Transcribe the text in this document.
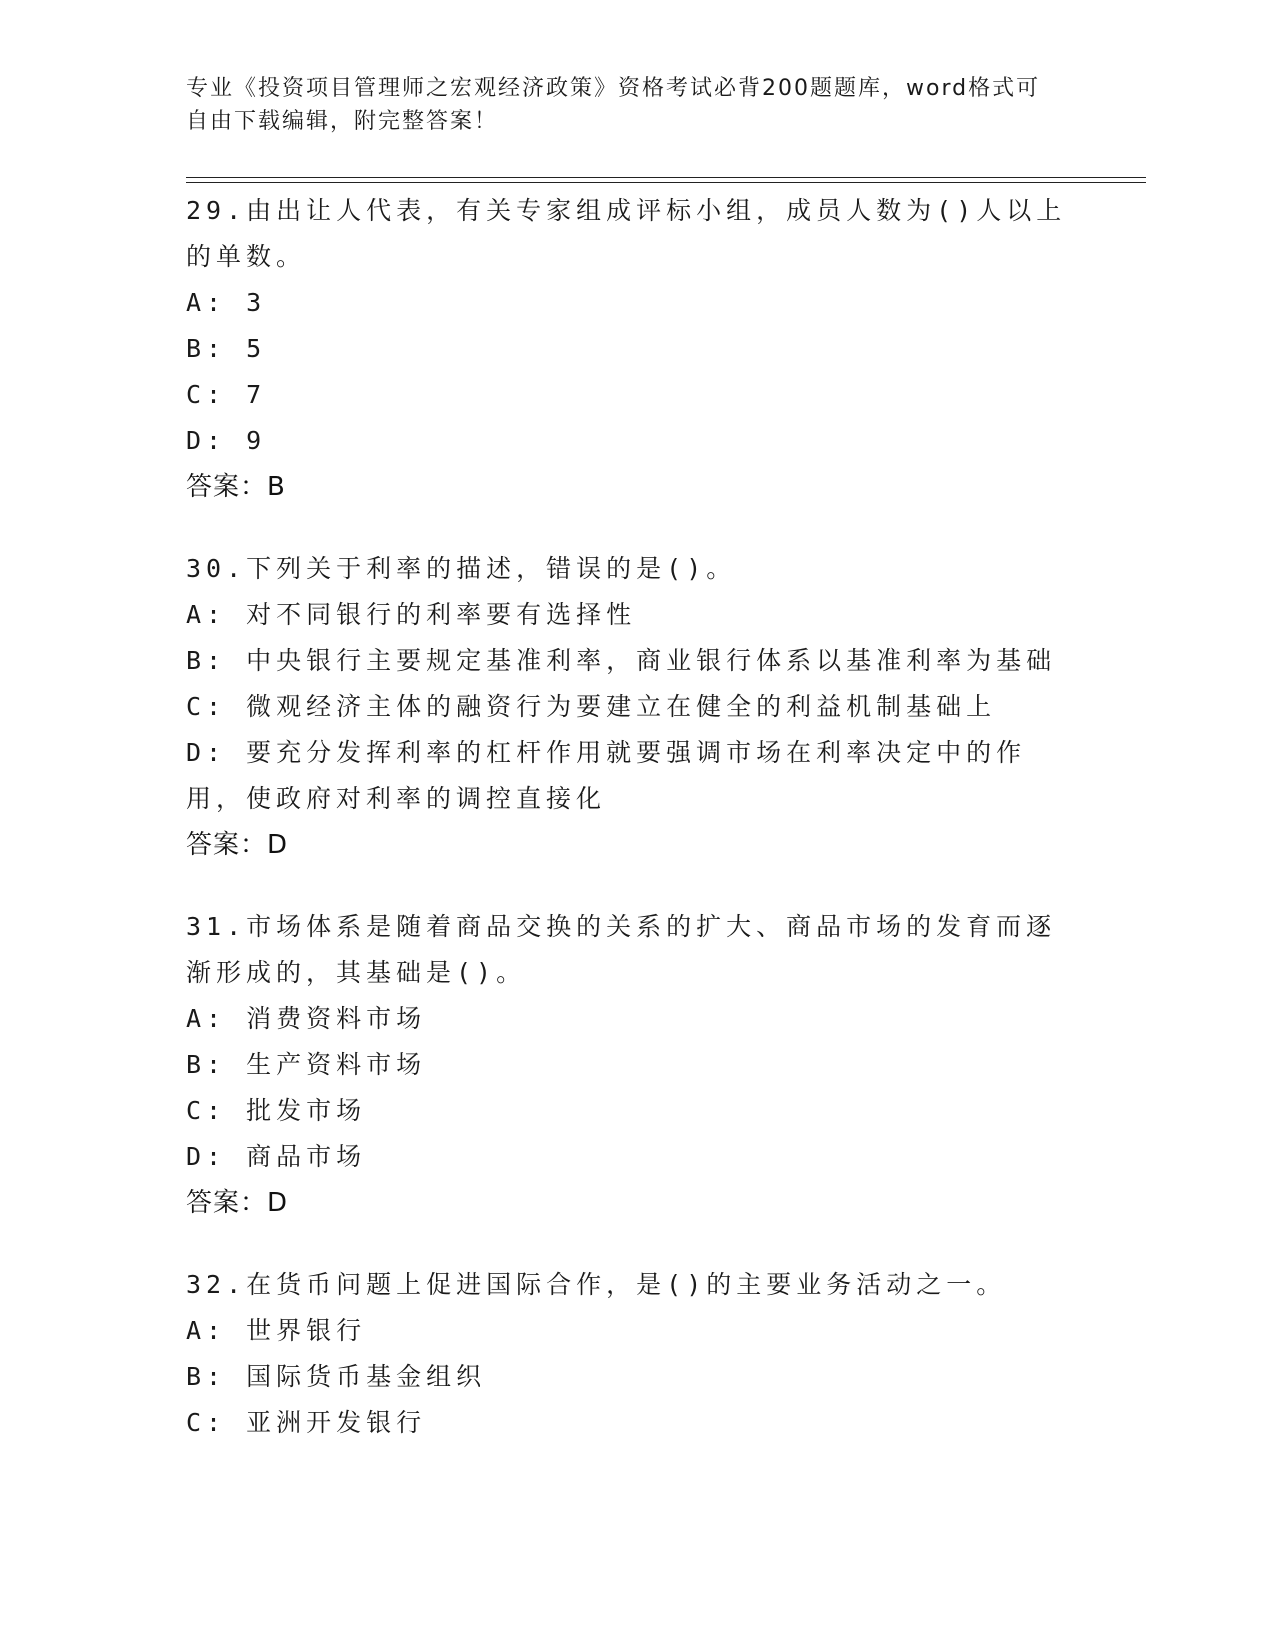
专业《投资项目管理师之宏观经济政策》资格考试必背200题题库，word格式可
自由下载编辑，附完整答案！
29.由出让人代表，有关专家组成评标小组，成员人数为()人以上的单数。
A: 3
B: 5
C: 7
D: 9
答案：B
30.下列关于利率的描述，错误的是()。
A: 对不同银行的利率要有选择性
B: 中央银行主要规定基准利率，商业银行体系以基准利率为基础
C: 微观经济主体的融资行为要建立在健全的利益机制基础上
D: 要充分发挥利率的杠杆作用就要强调市场在利率决定中的作用，使政府对利率的调控直接化
答案：D
31.市场体系是随着商品交换的关系的扩大、商品市场的发育而逐渐形成的，其基础是()。
A: 消费资料市场
B: 生产资料市场
C: 批发市场
D: 商品市场
答案：D
32.在货币问题上促进国际合作，是()的主要业务活动之一。
A: 世界银行
B: 国际货币基金组织
C: 亚洲开发银行
